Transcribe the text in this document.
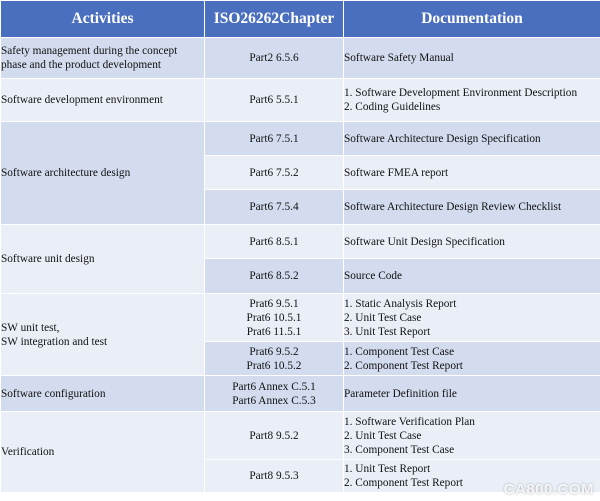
Activities	ISO26262Chapter	Documentation

Safety management during the concept
phase and the product development	Part2 6.5.6	Software Safety Manual

Software development environment	Part6 5.5.1	1. Software Development Environment Description
2. Coding Guidelines

Software architecture design	Part6 7.5.1	Software Architecture Design Specification

	Part6 7.5.2	Software FMEA report

	Part6 7.5.4	Software Architecture Design Review Checklist

Software unit design	Part6 8.5.1	Software Unit Design Specification

	Part6 8.5.2	Source Code

SW unit test,
SW integration and test	Prat6 9.5.1
Prat6 10.5.1
Prat6 11.5.1	1. Static Analysis Report
2. Unit Test Case
3. Unit Test Report

	Prat6 9.5.2
Prat6 10.5.2	1. Component Test Case
2. Component Test Report

Software configuration	Part6 Annex C.5.1
Part6 Annex C.5.3	Parameter Definition file

Verification	Part8 9.5.2	1. Software Verification Plan
2. Unit Test Case
3. Component Test Case

	Part8 9.5.3	1. Unit Test Report
2. Component Test Report	CA800.COM
